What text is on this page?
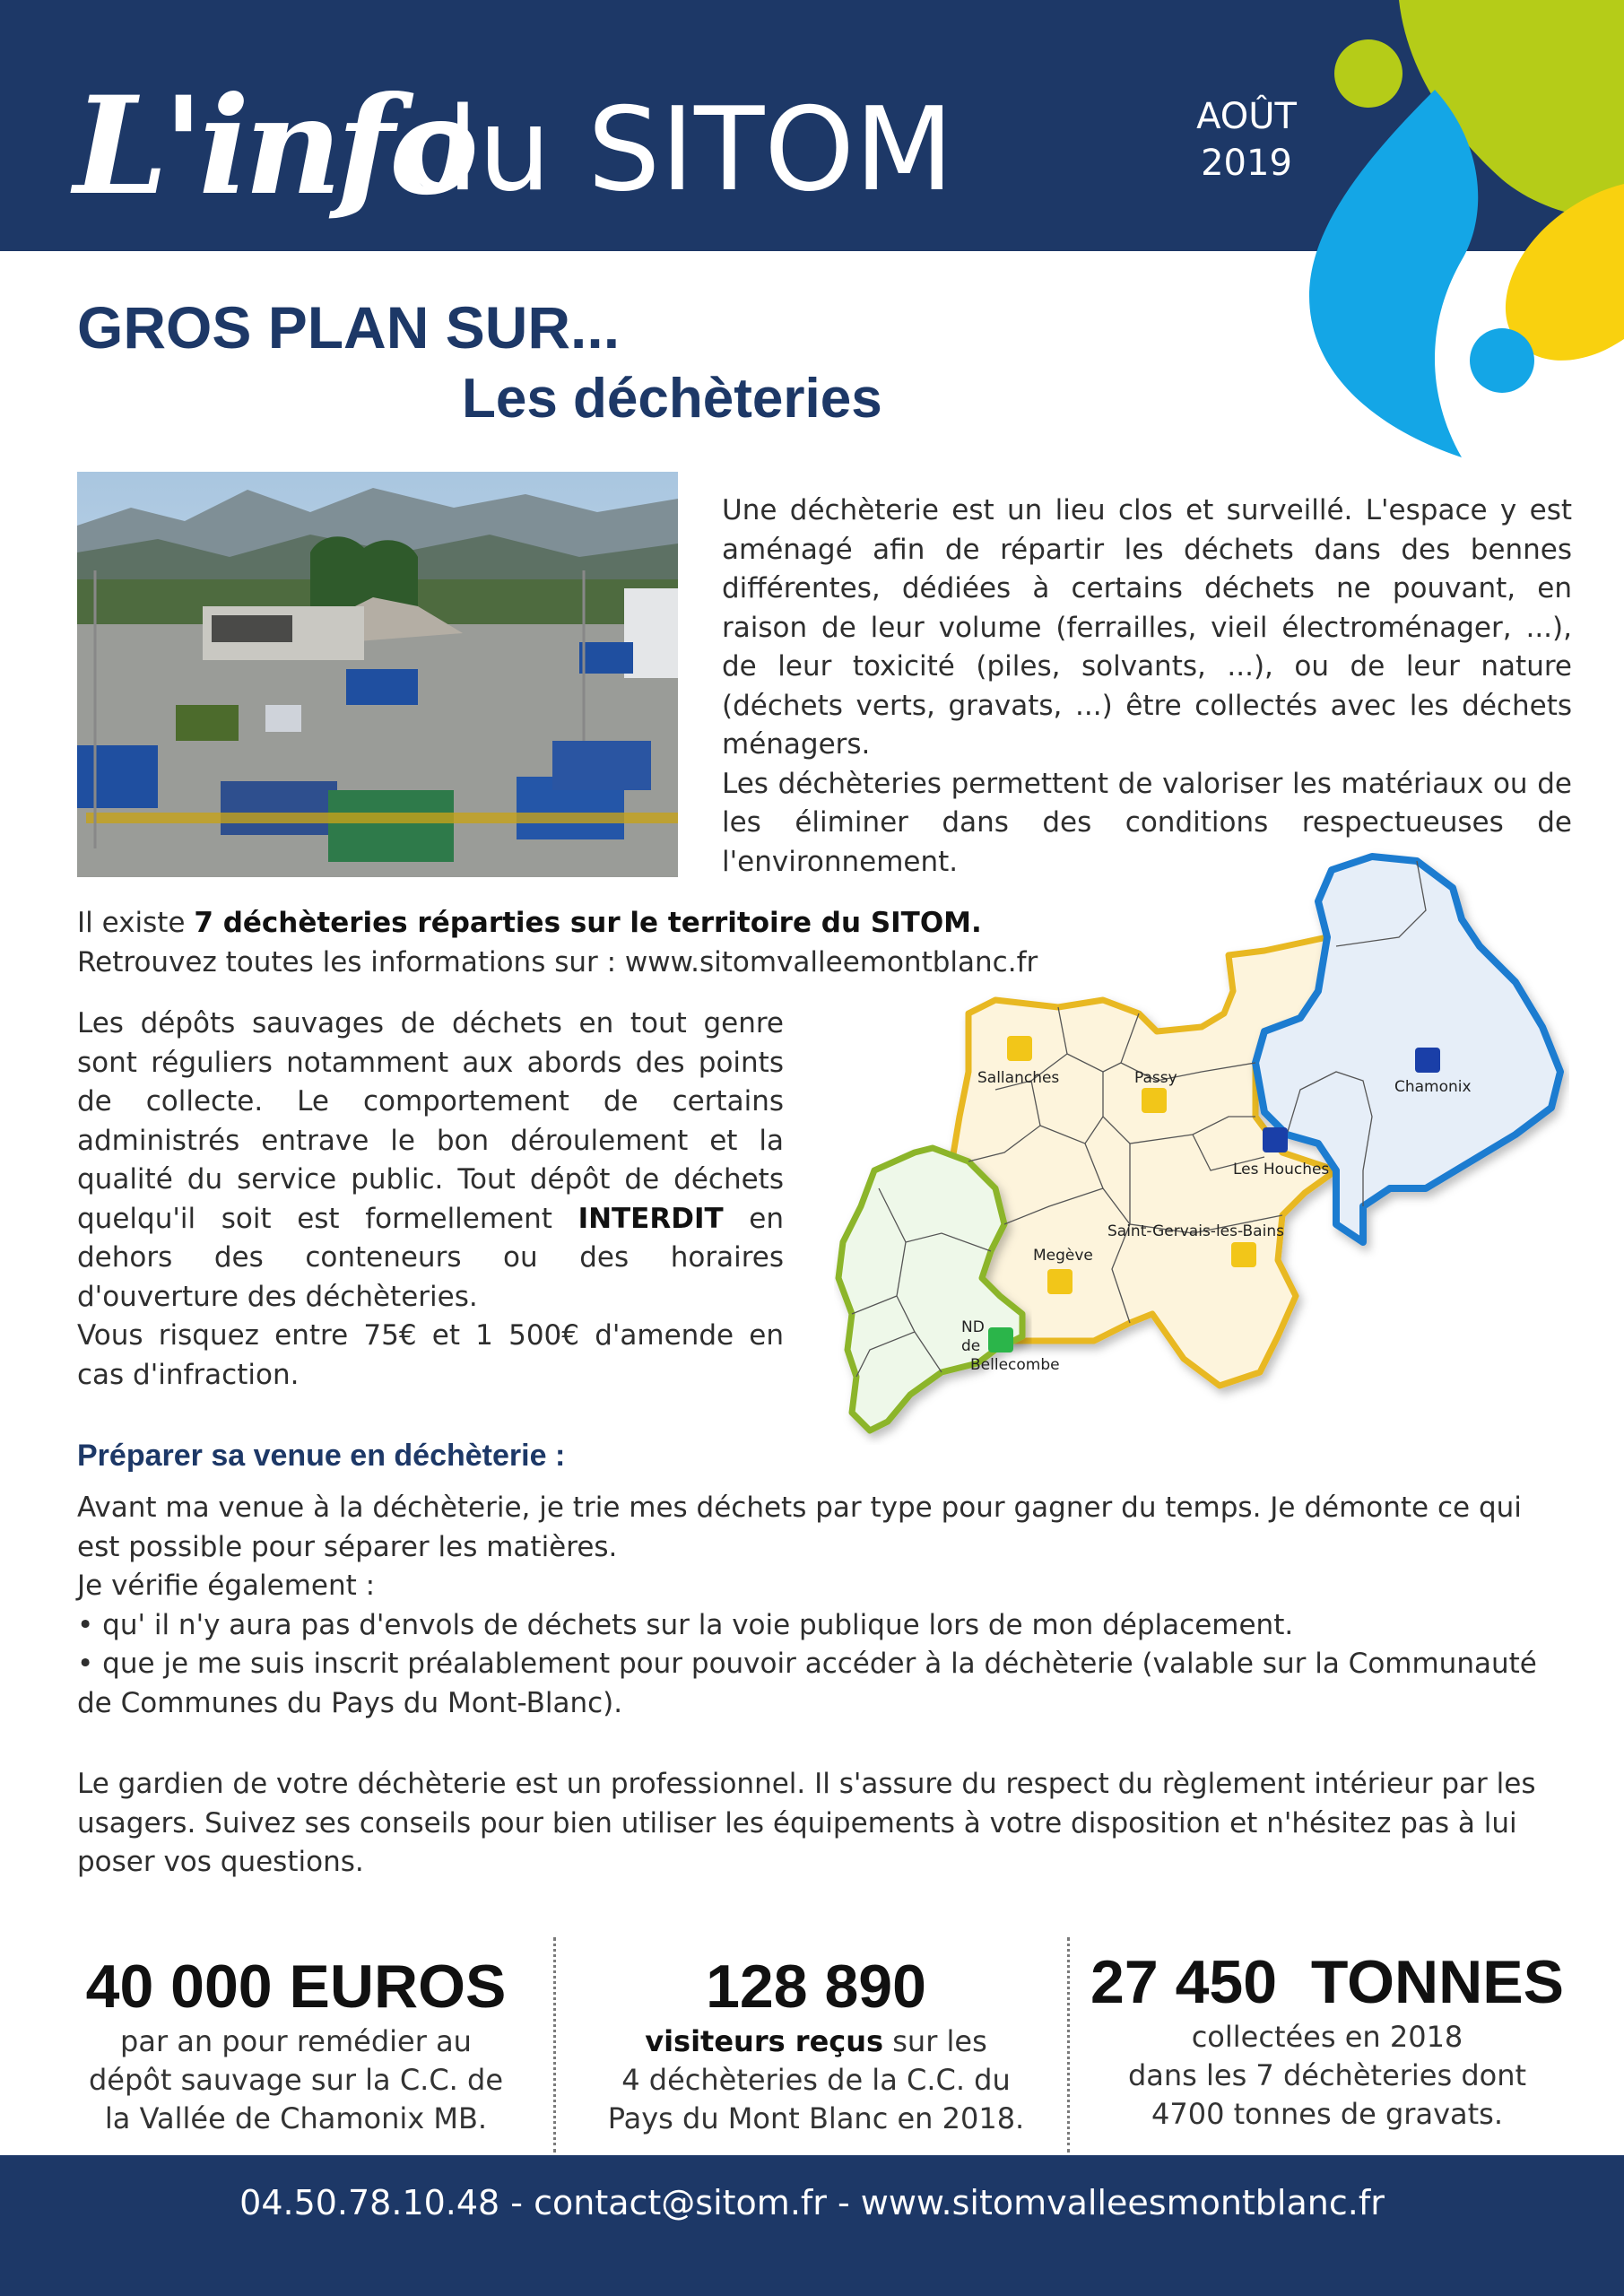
L'info
du SITOM	AOÛT
2019
GROS PLAN SUR...
Les déchèteries
Une déchèterie est un lieu clos et surveillé. L'espace y est aménagé afin de répartir les déchets dans des bennes différentes, dédiées à certains déchets ne pouvant, en raison de leur volume (ferrailles, vieil électroménager, ...), de leur toxicité (piles, solvants, ...), ou de leur nature (déchets verts, gravats, ...) être collectés avec les déchets ménagers.
Les déchèteries permettent de valoriser les matériaux ou de les éliminer dans des conditions respectueuses de l'environnement.
Il existe 7 déchèteries réparties sur le territoire du SITOM.
Retrouvez toutes les informations sur : www.sitomvalleemontblanc.fr
Les dépôts sauvages de déchets en tout genre sont réguliers notamment aux abords des points de collecte. Le comportement de certains administrés entrave le bon déroulement et la qualité du service public. Tout dépôt de déchets quelqu'il soit est formellement INTERDIT en dehors des conteneurs ou des horaires d'ouverture des déchèteries.
Vous risquez entre 75€ et 1 500€ d'amende en cas d'infraction.
Sallanches	Passy	Chamonix
Les Houches
Saint-Gervais-les-Bains
Megève
ND
de
Bellecombe
Préparer sa venue en déchèterie :
Avant ma venue à la déchèterie, je trie mes déchets par type pour gagner du temps. Je démonte ce qui est possible pour séparer les matières.
Je vérifie également :
• qu' il n'y aura pas d'envols de déchets sur la voie publique lors de mon déplacement.
• que je me suis inscrit préalablement pour pouvoir accéder à la déchèterie (valable sur la Communauté de Communes du Pays du Mont-Blanc).
Le gardien de votre déchèterie est un professionnel. Il s'assure du respect du règlement intérieur par les usagers. Suivez ses conseils pour bien utiliser les équipements à votre disposition et n'hésitez pas à lui poser vos questions.
40 000 EUROS
par an pour remédier au
dépôt sauvage sur la C.C. de
la Vallée de Chamonix MB.
128 890
visiteurs reçus sur les
4 déchèteries de la C.C. du
Pays du Mont Blanc en 2018.
27 450  TONNES
collectées en 2018
dans les 7 déchèteries dont
4700 tonnes de gravats.
04.50.78.10.48 - contact@sitom.fr - www.sitomvalleesmontblanc.fr
